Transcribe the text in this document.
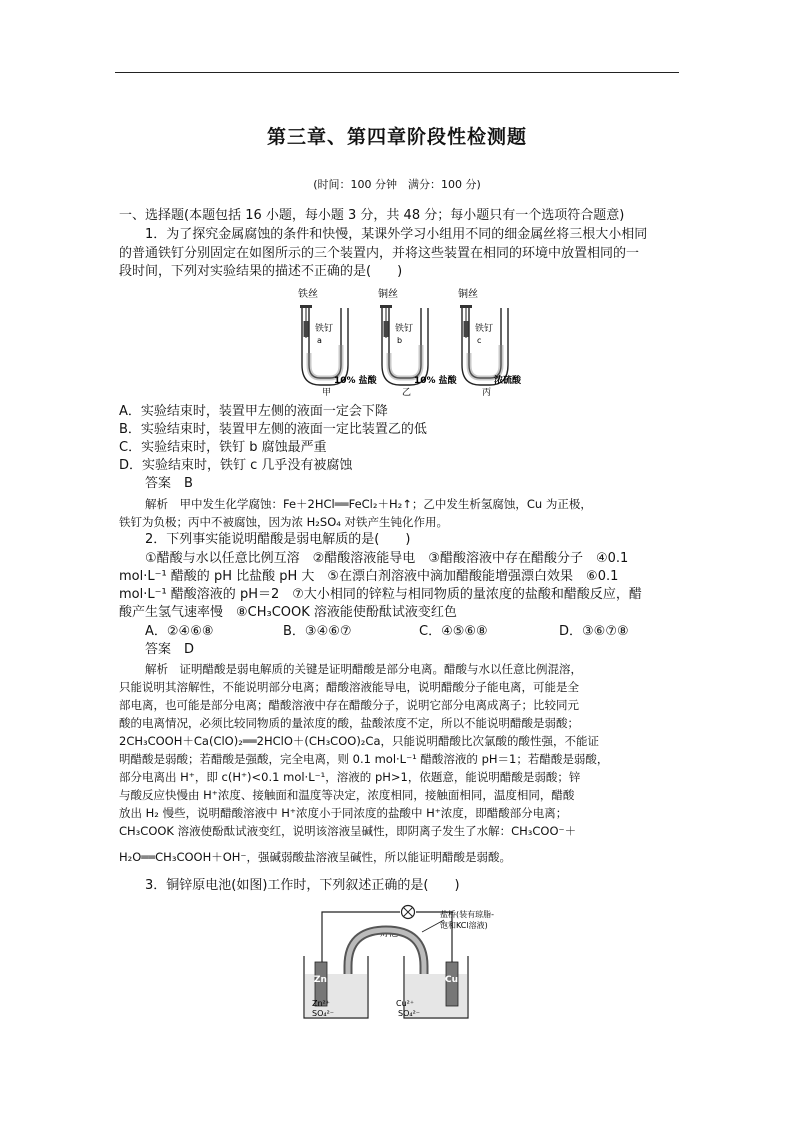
第三章、第四章阶段性检测题
(时间：100 分钟　满分：100 分)
一、选择题(本题包括 16 小题，每小题 3 分，共 48 分；每小题只有一个选项符合题意)
1．为了探究金属腐蚀的条件和快慢，某课外学习小组用不同的细金属丝将三根大小相同
的普通铁钉分别固定在如图所示的三个装置内，并将这些装置在相同的环境中放置相同的一
段时间，下列对实验结果的描述不正确的是(　　)
铁丝
铁钉
a
甲
铜丝
铁钉
b
乙
铜丝
铁钉
c
丙
10% 盐酸	10% 盐酸	浓硫酸
A．实验结束时，装置甲左侧的液面一定会下降
B．实验结束时，装置甲左侧的液面一定比装置乙的低
C．实验结束时，铁钉 b 腐蚀最严重
D．实验结束时，铁钉 c 几乎没有被腐蚀
答案　B
解析　甲中发生化学腐蚀：Fe＋2HCl══FeCl₂＋H₂↑；乙中发生析氢腐蚀，Cu 为正极，
铁钉为负极；丙中不被腐蚀，因为浓 H₂SO₄ 对铁产生钝化作用。
2．下列事实能说明醋酸是弱电解质的是(　　)
①醋酸与水以任意比例互溶　②醋酸溶液能导电　③醋酸溶液中存在醋酸分子　④0.1
mol·L⁻¹ 醋酸的 pH 比盐酸 pH 大　⑤在漂白剂溶液中滴加醋酸能增强漂白效果　⑥0.1
mol·L⁻¹ 醋酸溶液的 pH＝2　⑦大小相同的锌粒与相同物质的量浓度的盐酸和醋酸反应，醋
酸产生氢气速率慢　⑧CH₃COOK 溶液能使酚酞试液变红色
A．②④⑥⑧	B．③④⑥⑦	C．④⑤⑥⑧	D．③⑥⑦⑧
答案　D
解析　证明醋酸是弱电解质的关键是证明醋酸是部分电离。醋酸与水以任意比例混溶，
只能说明其溶解性，不能说明部分电离；醋酸溶液能导电，说明醋酸分子能电离，可能是全
部电离，也可能是部分电离；醋酸溶液中存在醋酸分子，说明它部分电离成离子；比较同元
酸的电离情况，必须比较同物质的量浓度的酸，盐酸浓度不定，所以不能说明醋酸是弱酸；
2CH₃COOH＋Ca(ClO)₂══2HClO＋(CH₃COO)₂Ca，只能说明醋酸比次氯酸的酸性强，不能证
明醋酸是弱酸；若醋酸是强酸，完全电离，则 0.1 mol·L⁻¹ 醋酸溶液的 pH＝1；若醋酸是弱酸，
部分电离出 H⁺，即 c(H⁺)<0.1 mol·L⁻¹，溶液的 pH>1，依题意，能说明醋酸是弱酸；锌
与酸反应快慢由 H⁺浓度、接触面和温度等决定，浓度相同，接触面相同，温度相同，醋酸
放出 H₂ 慢些，说明醋酸溶液中 H⁺浓度小于同浓度的盐酸中 H⁺浓度，即醋酸部分电离；
CH₃COOK 溶液使酚酞试液变红，说明该溶液呈碱性，即阴离子发生了水解：CH₃COO⁻＋
H₂O══CH₃COOH＋OH⁻，强碱弱酸盐溶液呈碱性，所以能证明醋酸是弱酸。
3．铜锌原电池(如图)工作时，下列叙述正确的是(　　)
灯泡
盐桥(装有琼脂-
饱和KCl溶液)
Zn
Zn²⁺
SO₄²⁻
Cu
Cu²⁺
SO₄²⁻
